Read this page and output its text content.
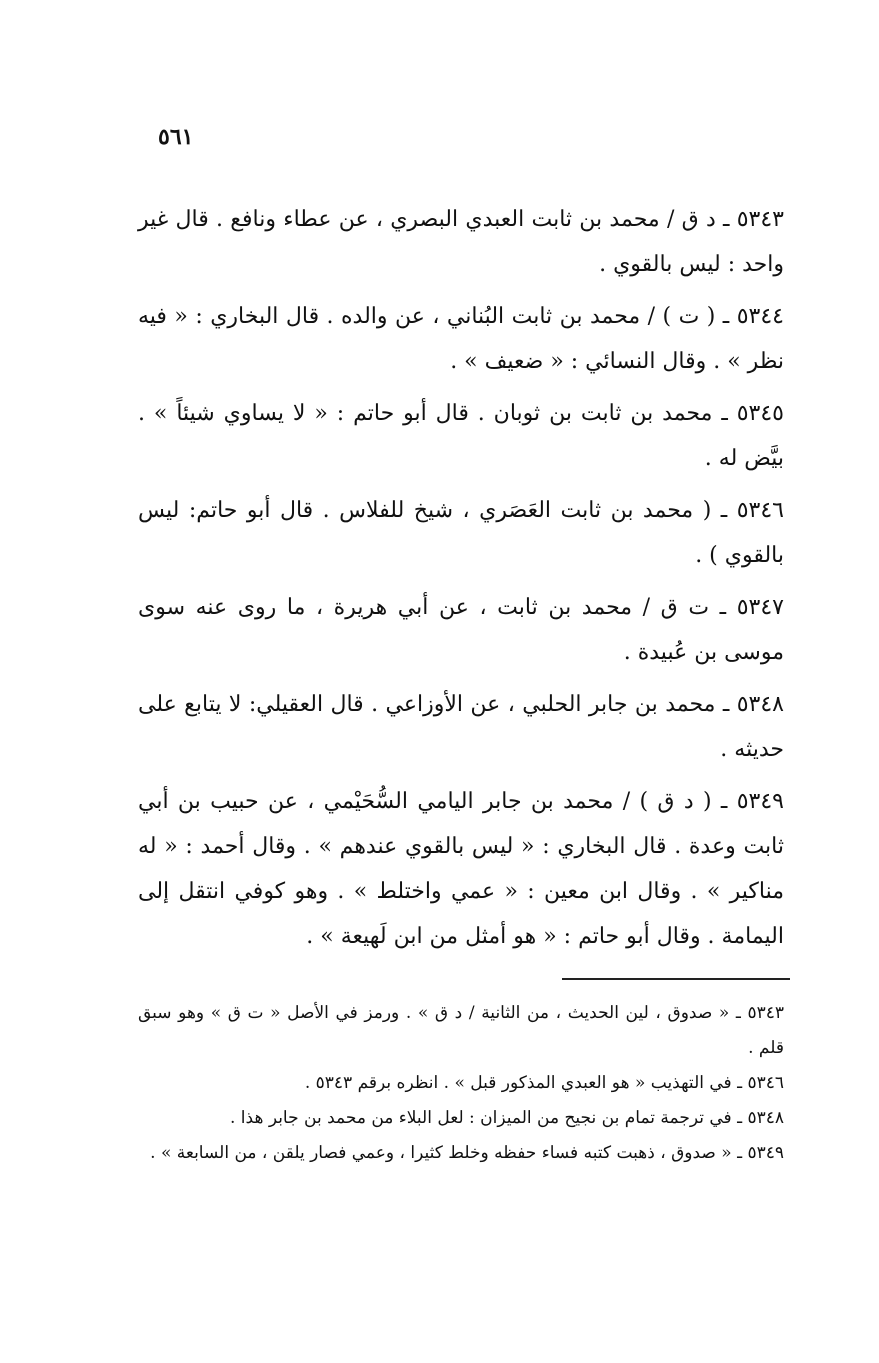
٥٦١

٥٣٤٣ ـ د ق / محمد بن ثابت العبدي البصري ، عن عطاء ونافع . قال غير واحد : ليس بالقوي .

٥٣٤٤ ـ ( ت ) / محمد بن ثابت البُناني ، عن والده . قال البخاري : « فيه نظر » . وقال النسائي : « ضعيف » .

٥٣٤٥ ـ محمد بن ثابت بن ثوبان . قال أبو حاتم : « لا يساوي شيئاً » . بيَّض له .

٥٣٤٦ ـ ( محمد بن ثابت العَصَري ، شيخ للفلاس . قال أبو حاتم: ليس بالقوي ) .

٥٣٤٧ ـ ت ق / محمد بن ثابت ، عن أبي هريرة ، ما روى عنه سوى موسى بن عُبيدة .

٥٣٤٨ ـ محمد بن جابر الحلبي ، عن الأوزاعي . قال العقيلي: لا يتابع على حديثه .

٥٣٤٩ ـ ( د ق ) / محمد بن جابر اليامي السُّحَيْمي ، عن حبيب بن أبي ثابت وعدة . قال البخاري : « ليس بالقوي عندهم » . وقال أحمد : « له مناكير » . وقال ابن معين : « عمي واختلط » . وهو كوفي انتقل إلى اليمامة . وقال أبو حاتم : « هو أمثل من ابن لَهيعة » .

٥٣٤٣ ـ « صدوق ، لين الحديث ، من الثانية / د ق » . ورمز في الأصل « ت ق » وهو سبق قلم .

٥٣٤٦ ـ في التهذيب « هو العبدي المذكور قبل » . انظره برقم ٥٣٤٣ .

٥٣٤٨ ـ في ترجمة تمام بن نجيح من الميزان : لعل البلاء من محمد بن جابر هذا .

٥٣٤٩ ـ « صدوق ، ذهبت كتبه فساء حفظه وخلط كثيرا ، وعمي فصار يلقن ، من السابعة » .
